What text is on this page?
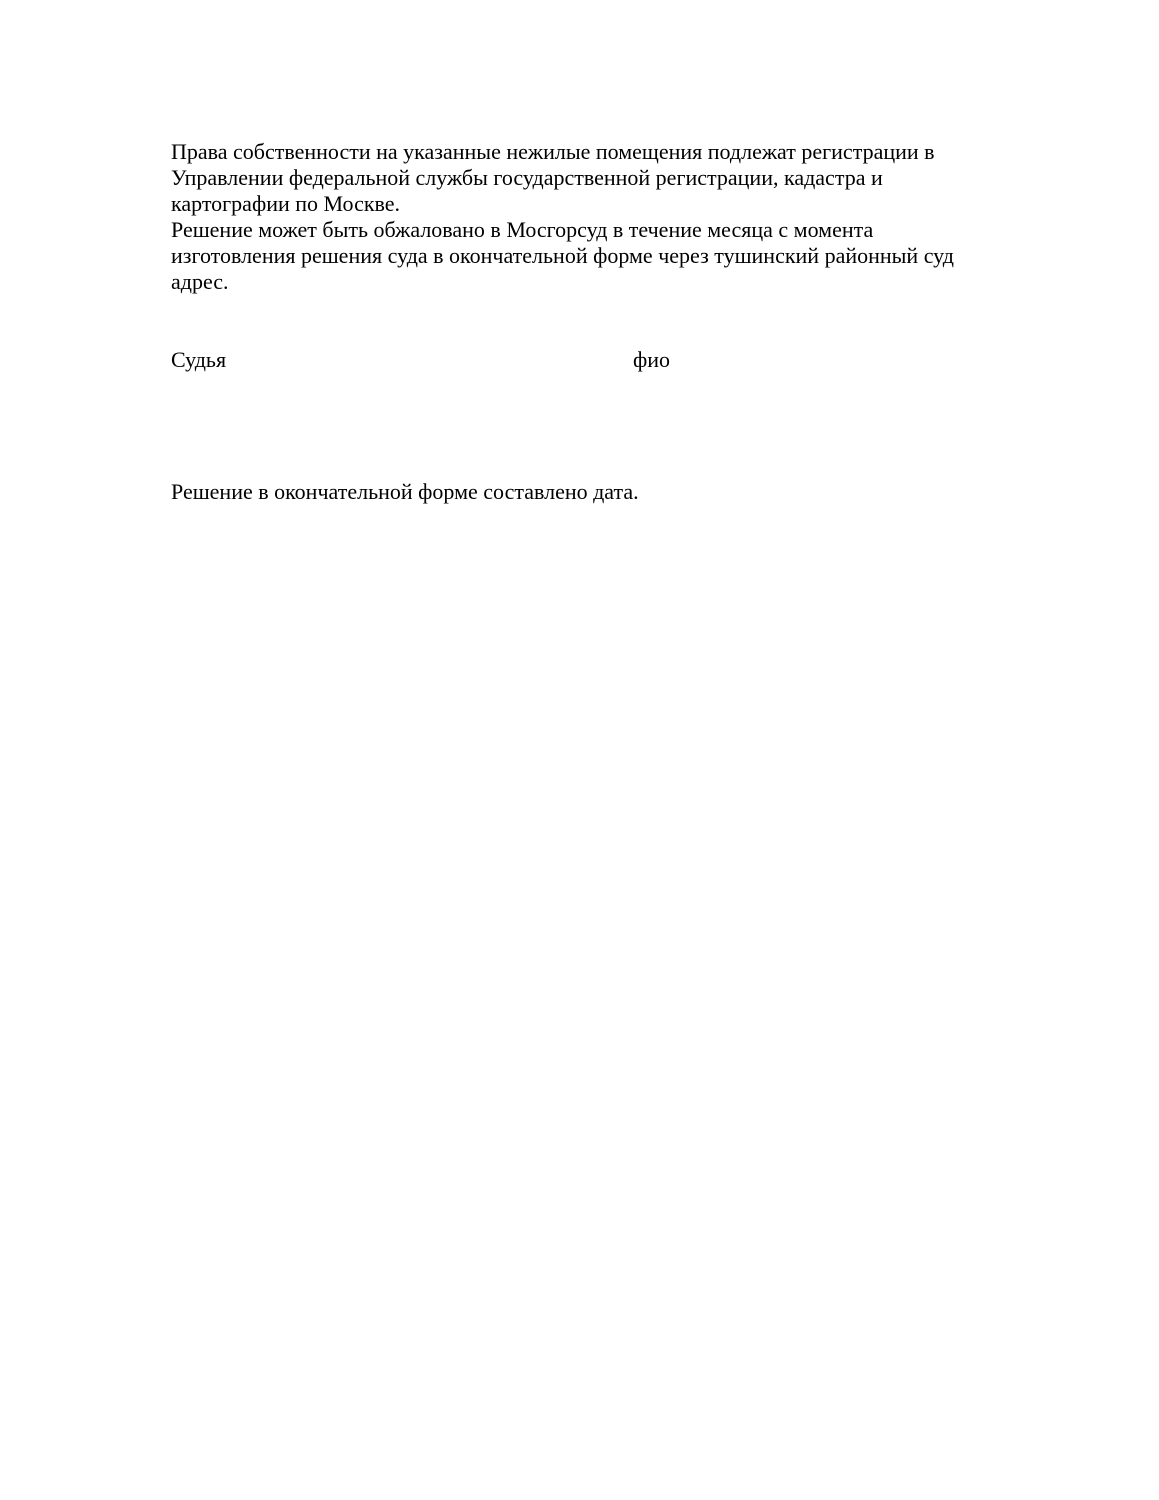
Права собственности на указанные нежилые помещения подлежат регистрации в
Управлении федеральной службы государственной регистрации, кадастра и
картографии по Москве.
Решение может быть обжаловано в Мосгорсуд в течение месяца с момента
изготовления решения суда в окончательной форме через тушинский районный суд
адрес.
Судья	фио
Решение в окончательной форме составлено дата.
